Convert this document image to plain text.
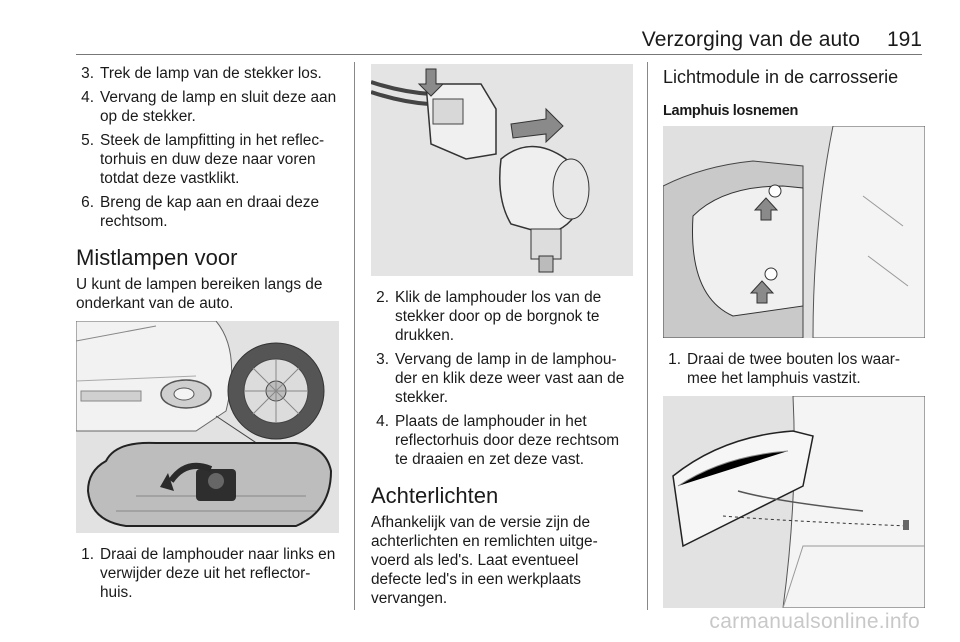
Verzorging van de auto 191
3. Trek de lamp van de stekker los.
4. Vervang de lamp en sluit deze aan op de stekker.
5. Steek de lampfitting in het reflec-torhuis en duw deze naar voren totdat deze vastklikt.
6. Breng de kap aan en draai deze rechtsom.
Mistlampen voor

U kunt de lampen bereiken langs de onderkant van de auto.

1. Draai de lamphouder naar links en verwijder deze uit het reflector-huis.
2. Klik de lamphouder los van de stekker door op de borgnok te drukken.
3. Vervang de lamp in de lamphou-der en klik deze weer vast aan de stekker.
4. Plaats de lamphouder in het reflectorhuis door deze rechtsom te draaien en zet deze vast.
Achterlichten

Afhankelijk van de versie zijn de achterlichten en remlichten uitge-voerd als led's. Laat eventueel defecte led's in een werkplaats vervangen.

Lichtmodule in de carrosserie
Lamphuis losnemen
1. Draai de twee bouten los waar-mee het lamphuis vastzit.
carmanualsonline.info
